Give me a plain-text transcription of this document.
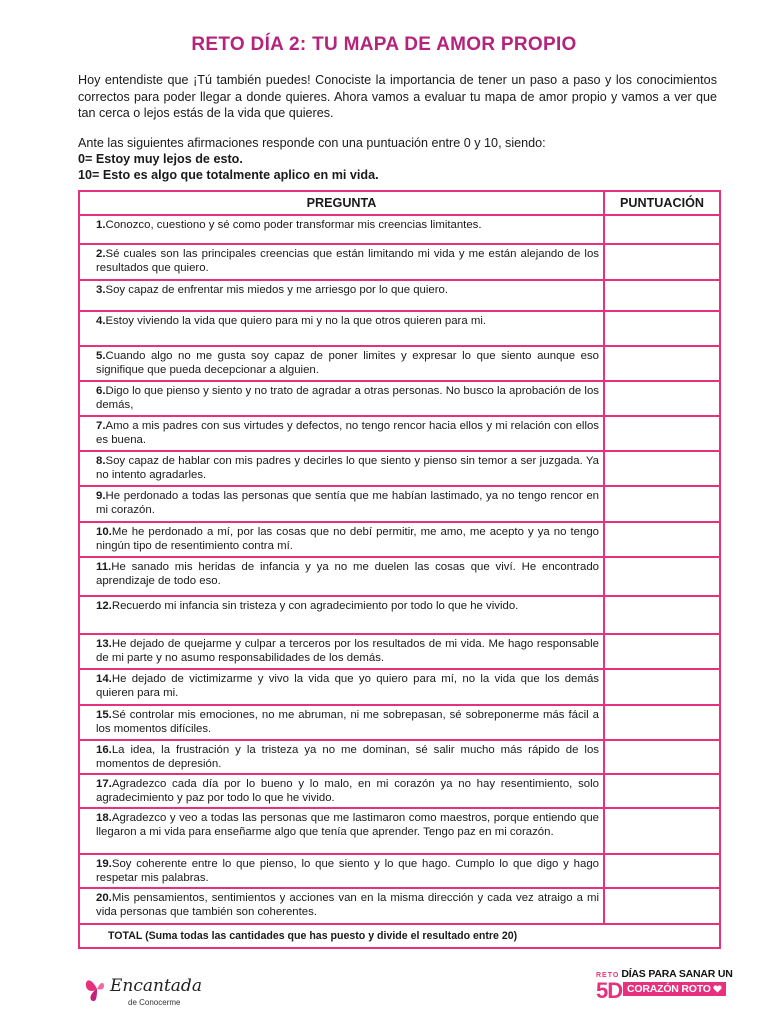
RETO DÍA 2: TU MAPA DE AMOR PROPIO
Hoy entendiste que ¡Tú también puedes! Conociste la importancia de tener un paso a paso y los conocimientos correctos para poder llegar a donde quieres. Ahora vamos a evaluar tu mapa de amor propio y vamos a ver que tan cerca o lejos estás de la vida que quieres.
Ante las siguientes afirmaciones responde con una puntuación entre 0 y 10, siendo:
0= Estoy muy lejos de esto.
10= Esto es algo que totalmente aplico en mi vida.
PREGUNTA	PUNTUACIÓN
1.Conozco, cuestiono y sé como poder transformar mis creencias limitantes.	
2.Sé cuales son las principales creencias que están limitando mi vida y me están alejando de los resultados que quiero.	
3.Soy capaz de enfrentar mis miedos y me arriesgo por lo que quiero.	
4.Estoy viviendo la vida que quiero para mi y no la que otros quieren para mi.	
5.Cuando algo no me gusta soy capaz de poner limites y expresar lo que siento aunque eso signifique que pueda decepcionar a alguien.	
6.Digo lo que pienso y siento y no trato de agradar a otras personas. No busco la aprobación de los demás,	
7.Amo a mis padres con sus virtudes y defectos, no tengo rencor hacia ellos y mi relación con ellos es buena.	
8.Soy capaz de hablar con mis padres y decirles lo que siento y pienso sin temor a ser juzgada. Ya no intento agradarles.	
9.He perdonado a todas las personas que sentía que me habían lastimado, ya no tengo rencor en mi corazón.	
10.Me he perdonado a mí, por las cosas que no debí permitir, me amo, me acepto y ya no tengo ningún tipo de resentimiento contra mí.	
11.He sanado mis heridas de infancia y ya no me duelen las cosas que viví. He encontrado aprendizaje de todo eso.	
12.Recuerdo mi infancia sin tristeza y con agradecimiento por todo lo que he vivido.	
13.He dejado de quejarme y culpar a terceros por los resultados de mi vida. Me hago responsable de mi parte y no asumo responsabilidades de los demás.	
14.He dejado de victimizarme y vivo la vida que yo quiero para mí, no la vida que los demás quieren para mi.	
15.Sé controlar mis emociones, no me abruman, ni me sobrepasan, sé sobreponerme más fácil a los momentos difíciles.	
16.La idea, la frustración y la tristeza ya no me dominan, sé salir mucho más rápido de los momentos de depresión.	
17.Agradezco cada día por lo bueno y lo malo, en mi corazón ya no hay resentimiento, solo agradecimiento y paz por todo lo que he vivido.	
18.Agradezco y veo a todas las personas que me lastimaron como maestros, porque entiendo que llegaron a mi vida para enseñarme algo que tenía que aprender. Tengo paz en mi corazón.	
19.Soy coherente entre lo que pienso, lo que siento y lo que hago. Cumplo lo que digo y hago respetar mis palabras.	
20.Mis pensamientos, sentimientos y acciones van en la misma dirección y cada vez atraigo a mi vida personas que también son coherentes.	
TOTAL (Suma todas las cantidades que has puesto y divide el resultado entre 20)	
Encantada
de Conocerme
RETO DÍAS PARA SANAR UN
5D CORAZÓN ROTO
